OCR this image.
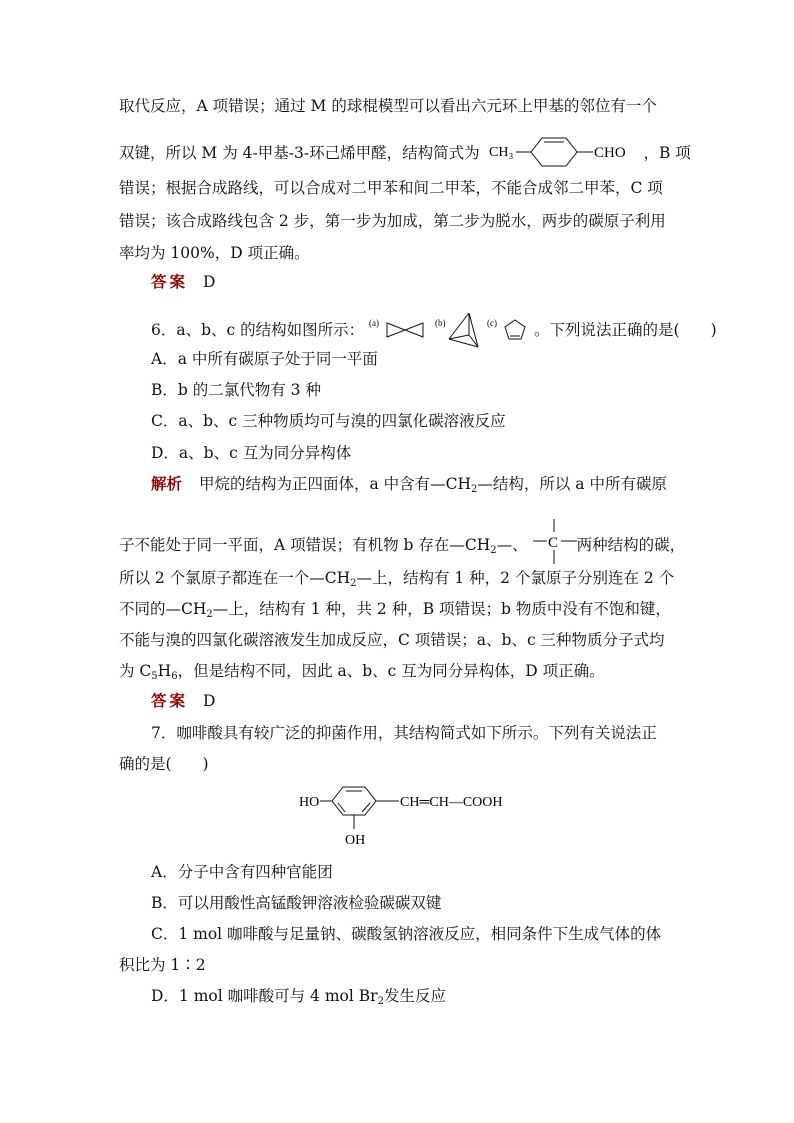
取代反应，A 项错误；通过 M 的球棍模型可以看出六元环上甲基的邻位有一个
双键，所以 M 为 4-甲基-3-环己烯甲醛，结构简式为 CH₃	CHO ，B 项
错误；根据合成路线，可以合成对二甲苯和间二甲苯，不能合成邻二甲苯，C 项
错误；该合成路线包含 2 步，第一步为加成，第二步为脱水，两步的碳原子利用
率均为 100%，D 项正确。
答案 D
6．a、b、c 的结构如图所示： (a)	(b)	(c) 。下列说法正确的是(　　)
A．a 中所有碳原子处于同一平面
B．b 的二氯代物有 3 种
C．a、b、c 三种物质均可与溴的四氯化碳溶液反应
D．a、b、c 互为同分异构体
解析 甲烷的结构为正四面体，a 中含有$—CH_2—$结构，所以 a 中所有碳原
子不能处于同一平面，A 项错误；有机物 b 存在$—CH_2—$、 C 两种结构的碳，
所以 2 个氯原子都连在一个$—CH_2—$上，结构有 1 种，2 个氯原子分别连在 2 个
不同的$—CH_2—$上，结构有 1 种，共 2 种，B 项错误；b 物质中没有不饱和键，
不能与溴的四氯化碳溶液发生加成反应，C 项错误；a、b、c 三种物质分子式均
为 $C_5H_6$，但是结构不同，因此 a、b、c 互为同分异构体，D 项正确。
答案 D
7．咖啡酸具有较广泛的抑菌作用，其结构简式如下所示。下列有关说法正
确的是(　　)
HO	CH═CH—COOH
OH
A．分子中含有四种官能团
B．可以用酸性高锰酸钾溶液检验碳碳双键
C．1 mol 咖啡酸与足量钠、碳酸氢钠溶液反应，相同条件下生成气体的体
积比为 1∶2
D．1 mol 咖啡酸可与 4 mol $Br_2$发生反应
